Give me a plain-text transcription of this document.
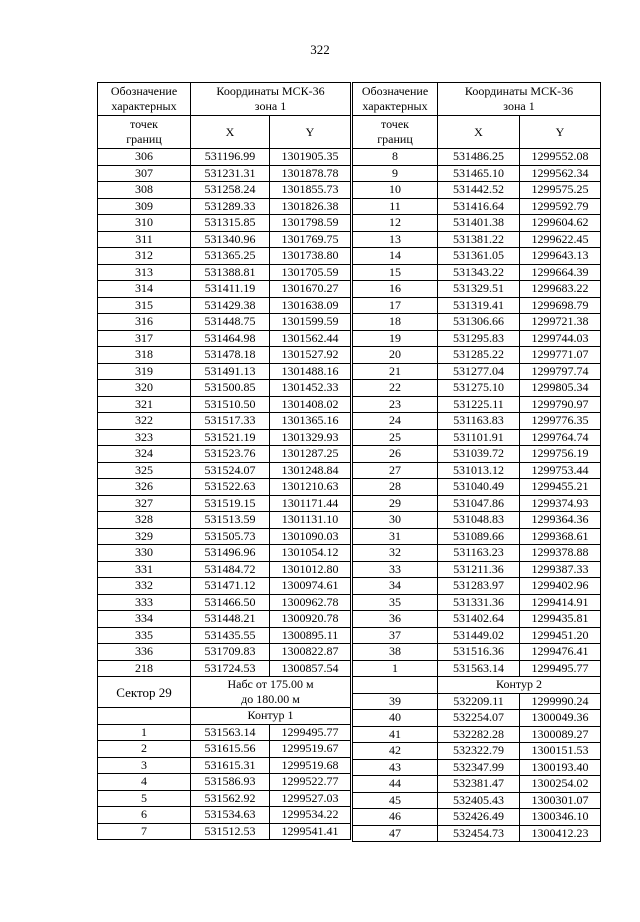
322
Обозначение
характерных	Координаты МСК-36
зона 1	
точек
границ	X	Y
306	531196.99	1301905.35
307	531231.31	1301878.78
308	531258.24	1301855.73
309	531289.33	1301826.38
310	531315.85	1301798.59
311	531340.96	1301769.75
312	531365.25	1301738.80
313	531388.81	1301705.59
314	531411.19	1301670.27
315	531429.38	1301638.09
316	531448.75	1301599.59
317	531464.98	1301562.44
318	531478.18	1301527.92
319	531491.13	1301488.16
320	531500.85	1301452.33
321	531510.50	1301408.02
322	531517.33	1301365.16
323	531521.19	1301329.93
324	531523.76	1301287.25
325	531524.07	1301248.84
326	531522.63	1301210.63
327	531519.15	1301171.44
328	531513.59	1301131.10
329	531505.73	1301090.03
330	531496.96	1301054.12
331	531484.72	1301012.80
332	531471.12	1300974.61
333	531466.50	1300962.78
334	531448.21	1300920.78
335	531435.55	1300895.11
336	531709.83	1300822.87
218	531724.53	1300857.54
Сектор 29	Набс от 175.00 м
до 180.00 м	

	Контур 1	
1	531563.14	1299495.77
2	531615.56	1299519.67
3	531615.31	1299519.68
4	531586.93	1299522.77
5	531562.92	1299527.03
6	531534.63	1299534.22
7	531512.53	1299541.41
Обозначение
характерных	Координаты МСК-36
зона 1	
точек
границ	X	Y
8	531486.25	1299552.08
9	531465.10	1299562.34
10	531442.52	1299575.25
11	531416.64	1299592.79
12	531401.38	1299604.62
13	531381.22	1299622.45
14	531361.05	1299643.13
15	531343.22	1299664.39
16	531329.51	1299683.22
17	531319.41	1299698.79
18	531306.66	1299721.38
19	531295.83	1299744.03
20	531285.22	1299771.07
21	531277.04	1299797.74
22	531275.10	1299805.34
23	531225.11	1299790.97
24	531163.83	1299776.35
25	531101.91	1299764.74
26	531039.72	1299756.19
27	531013.12	1299753.44
28	531040.49	1299455.21
29	531047.86	1299374.93
30	531048.83	1299364.36
31	531089.66	1299368.61
32	531163.23	1299378.88
33	531211.36	1299387.33
34	531283.97	1299402.96
35	531331.36	1299414.91
36	531402.64	1299435.81
37	531449.02	1299451.20
38	531516.36	1299476.41
1	531563.14	1299495.77
	Контур 2	
39	532209.11	1299990.24
40	532254.07	1300049.36
41	532282.28	1300089.27
42	532322.79	1300151.53
43	532347.99	1300193.40
44	532381.47	1300254.02
45	532405.43	1300301.07
46	532426.49	1300346.10
47	532454.73	1300412.23
